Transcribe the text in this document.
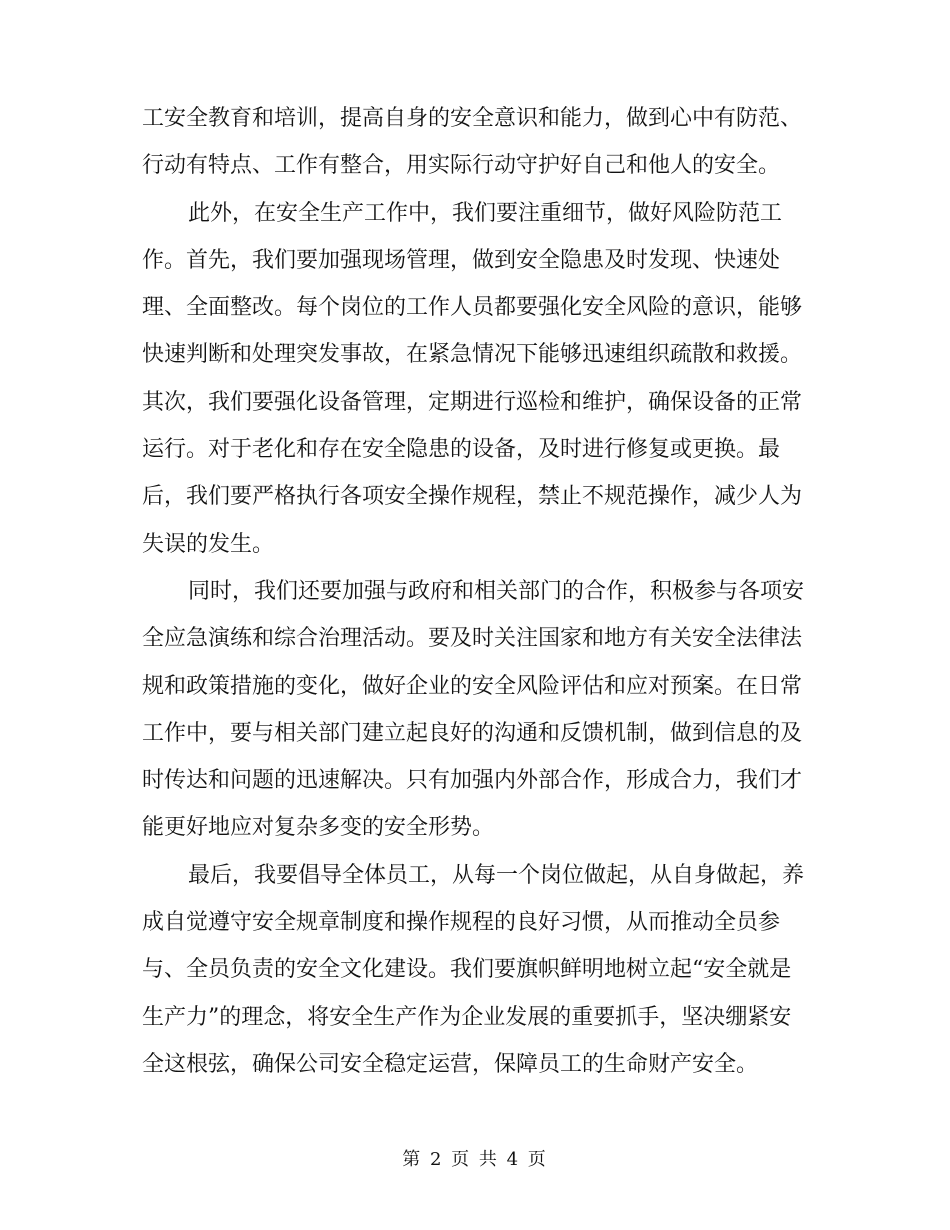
工安全教育和培训，提高自身的安全意识和能力，做到心中有防范、
行动有特点、工作有整合，用实际行动守护好自己和他人的安全。
此外，在安全生产工作中，我们要注重细节，做好风险防范工
作。首先，我们要加强现场管理，做到安全隐患及时发现、快速处
理、全面整改。每个岗位的工作人员都要强化安全风险的意识，能够
快速判断和处理突发事故，在紧急情况下能够迅速组织疏散和救援。
其次，我们要强化设备管理，定期进行巡检和维护，确保设备的正常
运行。对于老化和存在安全隐患的设备，及时进行修复或更换。最
后，我们要严格执行各项安全操作规程，禁止不规范操作，减少人为
失误的发生。
同时，我们还要加强与政府和相关部门的合作，积极参与各项安
全应急演练和综合治理活动。要及时关注国家和地方有关安全法律法
规和政策措施的变化，做好企业的安全风险评估和应对预案。在日常
工作中，要与相关部门建立起良好的沟通和反馈机制，做到信息的及
时传达和问题的迅速解决。只有加强内外部合作，形成合力，我们才
能更好地应对复杂多变的安全形势。
最后，我要倡导全体员工，从每一个岗位做起，从自身做起，养
成自觉遵守安全规章制度和操作规程的良好习惯，从而推动全员参
与、全员负责的安全文化建设。我们要旗帜鲜明地树立起“安全就是
生产力”的理念，将安全生产作为企业发展的重要抓手，坚决绷紧安
全这根弦，确保公司安全稳定运营，保障员工的生命财产安全。
第 2 页 共 4 页
